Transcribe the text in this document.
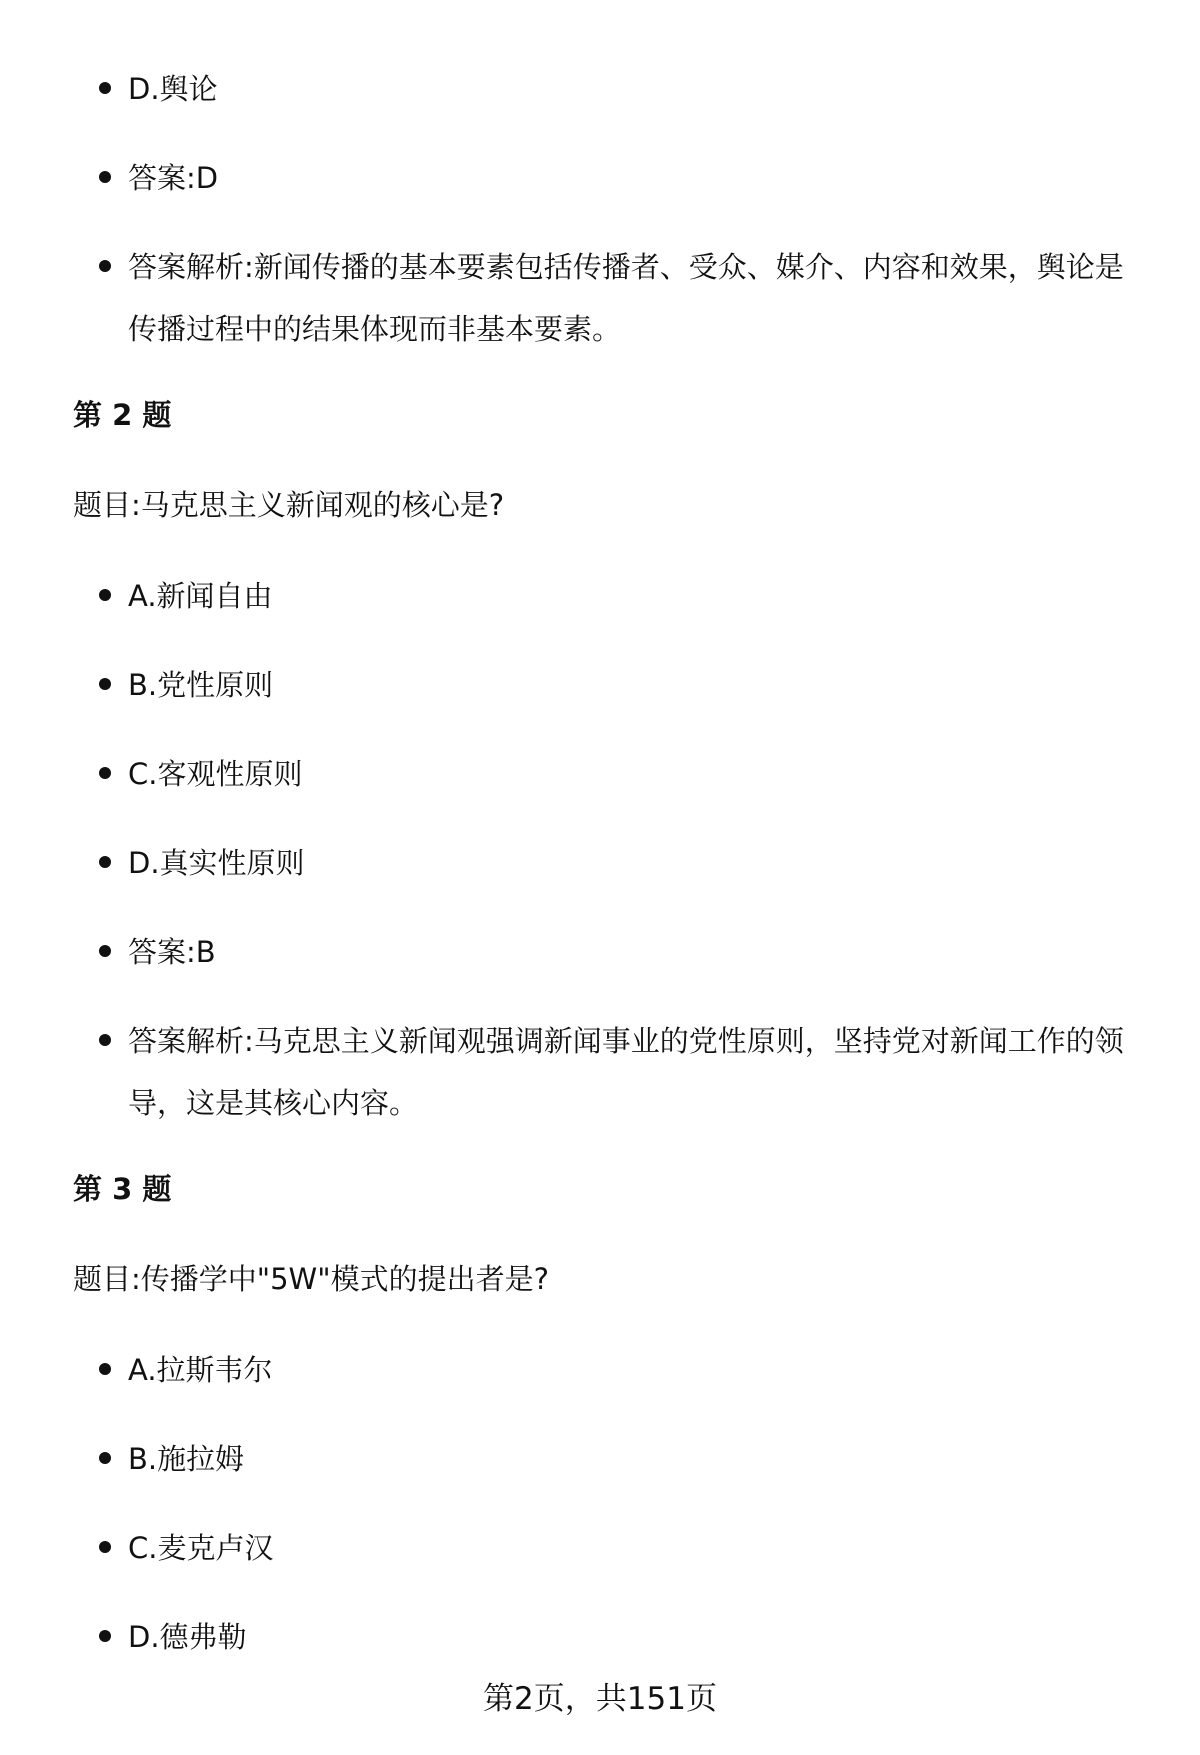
D.舆论
答案:D
答案解析:新闻传播的基本要素包括传播者、受众、媒介、内容和效果，舆论是传播过程中的结果体现而非基本要素。
第 2 题
题目:马克思主义新闻观的核心是?
A.新闻自由
B.党性原则
C.客观性原则
D.真实性原则
答案:B
答案解析:马克思主义新闻观强调新闻事业的党性原则，坚持党对新闻工作的领导，这是其核心内容。
第 3 题
题目:传播学中"5W"模式的提出者是?
A.拉斯韦尔
B.施拉姆
C.麦克卢汉
D.德弗勒
第2页，共151页
